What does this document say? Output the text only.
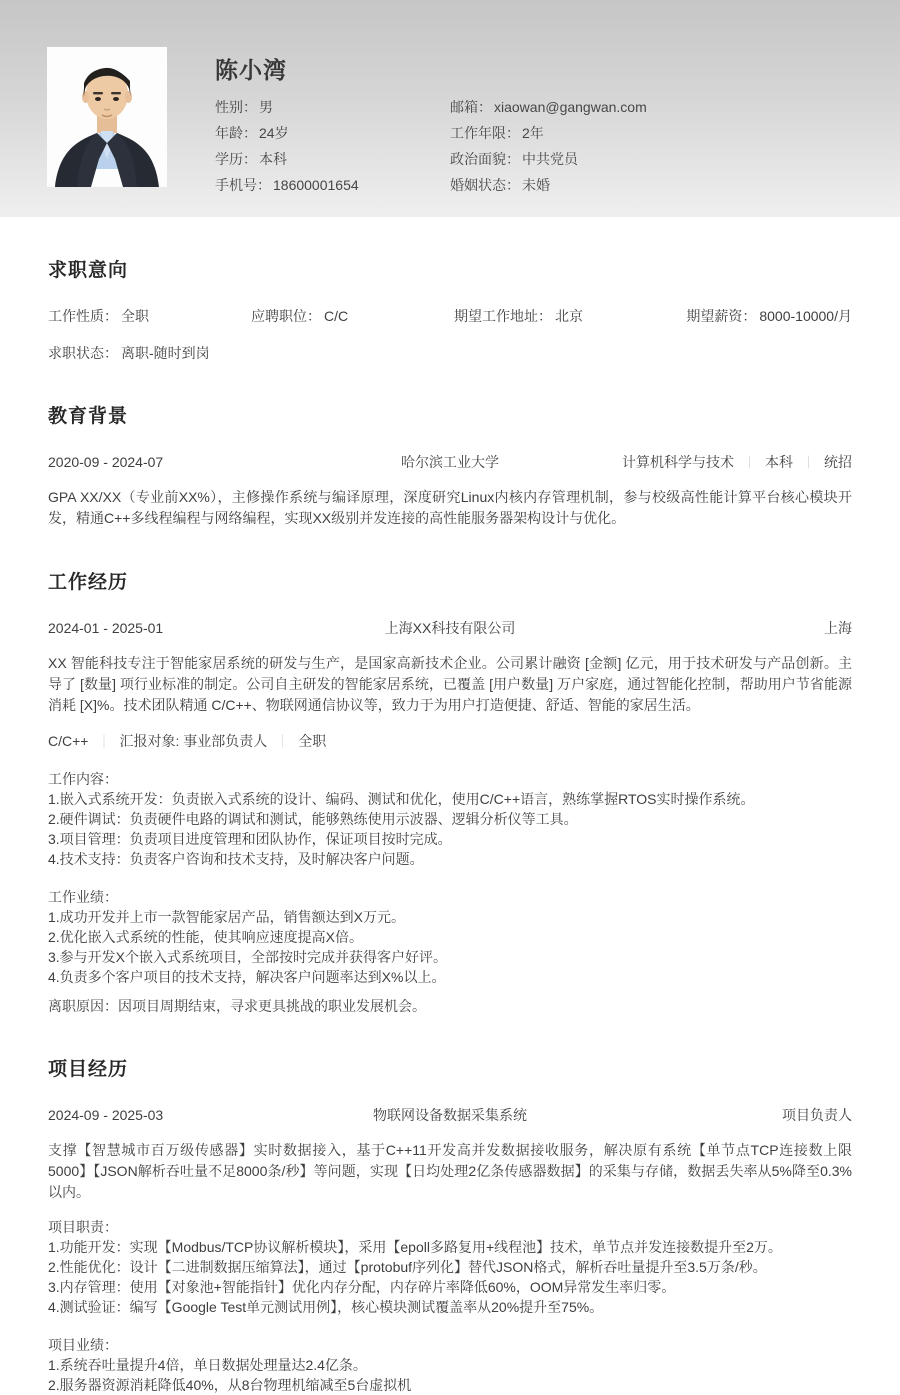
陈小湾
性别： 男
年龄： 24岁
学历： 本科
手机号： 18600001654
邮箱： xiaowan@gangwan.com
工作年限： 2年
政治面貌： 中共党员
婚姻状态： 未婚
求职意向
工作性质： 全职	应聘职位： C/C	期望工作地址： 北京	期望薪资： 8000-10000/月
求职状态： 离职-随时到岗
教育背景
2020-09 - 2024-07	哈尔滨工业大学	计算机科学与技术 ｜ 本科 ｜ 统招
GPA XX/XX（专业前XX%），主修操作系统与编译原理，深度研究Linux内核内存管理机制，参与校级高性能计算平台核心模块开发，精通C++多线程编程与网络编程，实现XX级别并发连接的高性能服务器架构设计与优化。
工作经历
2024-01 - 2025-01	上海XX科技有限公司	上海
XX 智能科技专注于智能家居系统的研发与生产，是国家高新技术企业。公司累计融资 [金额] 亿元，用于技术研发与产品创新。主导了 [数量] 项行业标准的制定。公司自主研发的智能家居系统，已覆盖 [用户数量] 万户家庭，通过智能化控制，帮助用户节省能源消耗 [X]%。技术团队精通 C/C++、物联网通信协议等，致力于为用户打造便捷、舒适、智能的家居生活。
C/C++ ｜ 汇报对象: 事业部负责人 ｜ 全职
工作内容：
1.嵌入式系统开发：负责嵌入式系统的设计、编码、测试和优化，使用C/C++语言，熟练掌握RTOS实时操作系统。
2.硬件调试：负责硬件电路的调试和测试，能够熟练使用示波器、逻辑分析仪等工具。
3.项目管理：负责项目进度管理和团队协作，保证项目按时完成。
4.技术支持：负责客户咨询和技术支持，及时解决客户问题。
工作业绩：
1.成功开发并上市一款智能家居产品，销售额达到X万元。
2.优化嵌入式系统的性能，使其响应速度提高X倍。
3.参与开发X个嵌入式系统项目，全部按时完成并获得客户好评。
4.负责多个客户项目的技术支持，解决客户问题率达到X%以上。
离职原因：因项目周期结束，寻求更具挑战的职业发展机会。
项目经历
2024-09 - 2025-03	物联网设备数据采集系统	项目负责人
支撑【智慧城市百万级传感器】实时数据接入，基于C++11开发高并发数据接收服务，解决原有系统【单节点TCP连接数上限5000】【JSON解析吞吐量不足8000条/秒】等问题，实现【日均处理2亿条传感器数据】的采集与存储，数据丢失率从5%降至0.3%以内。
项目职责：
1.功能开发：实现【Modbus/TCP协议解析模块】，采用【epoll多路复用+线程池】技术，单节点并发连接数提升至2万。
2.性能优化：设计【二进制数据压缩算法】，通过【protobuf序列化】替代JSON格式，解析吞吐量提升至3.5万条/秒。
3.内存管理：使用【对象池+智能指针】优化内存分配，内存碎片率降低60%，OOM异常发生率归零。
4.测试验证：编写【Google Test单元测试用例】，核心模块测试覆盖率从20%提升至75%。
项目业绩：
1.系统吞吐量提升4倍，单日数据处理量达2.4亿条。
2.服务器资源消耗降低40%，从8台物理机缩减至5台虚拟机
